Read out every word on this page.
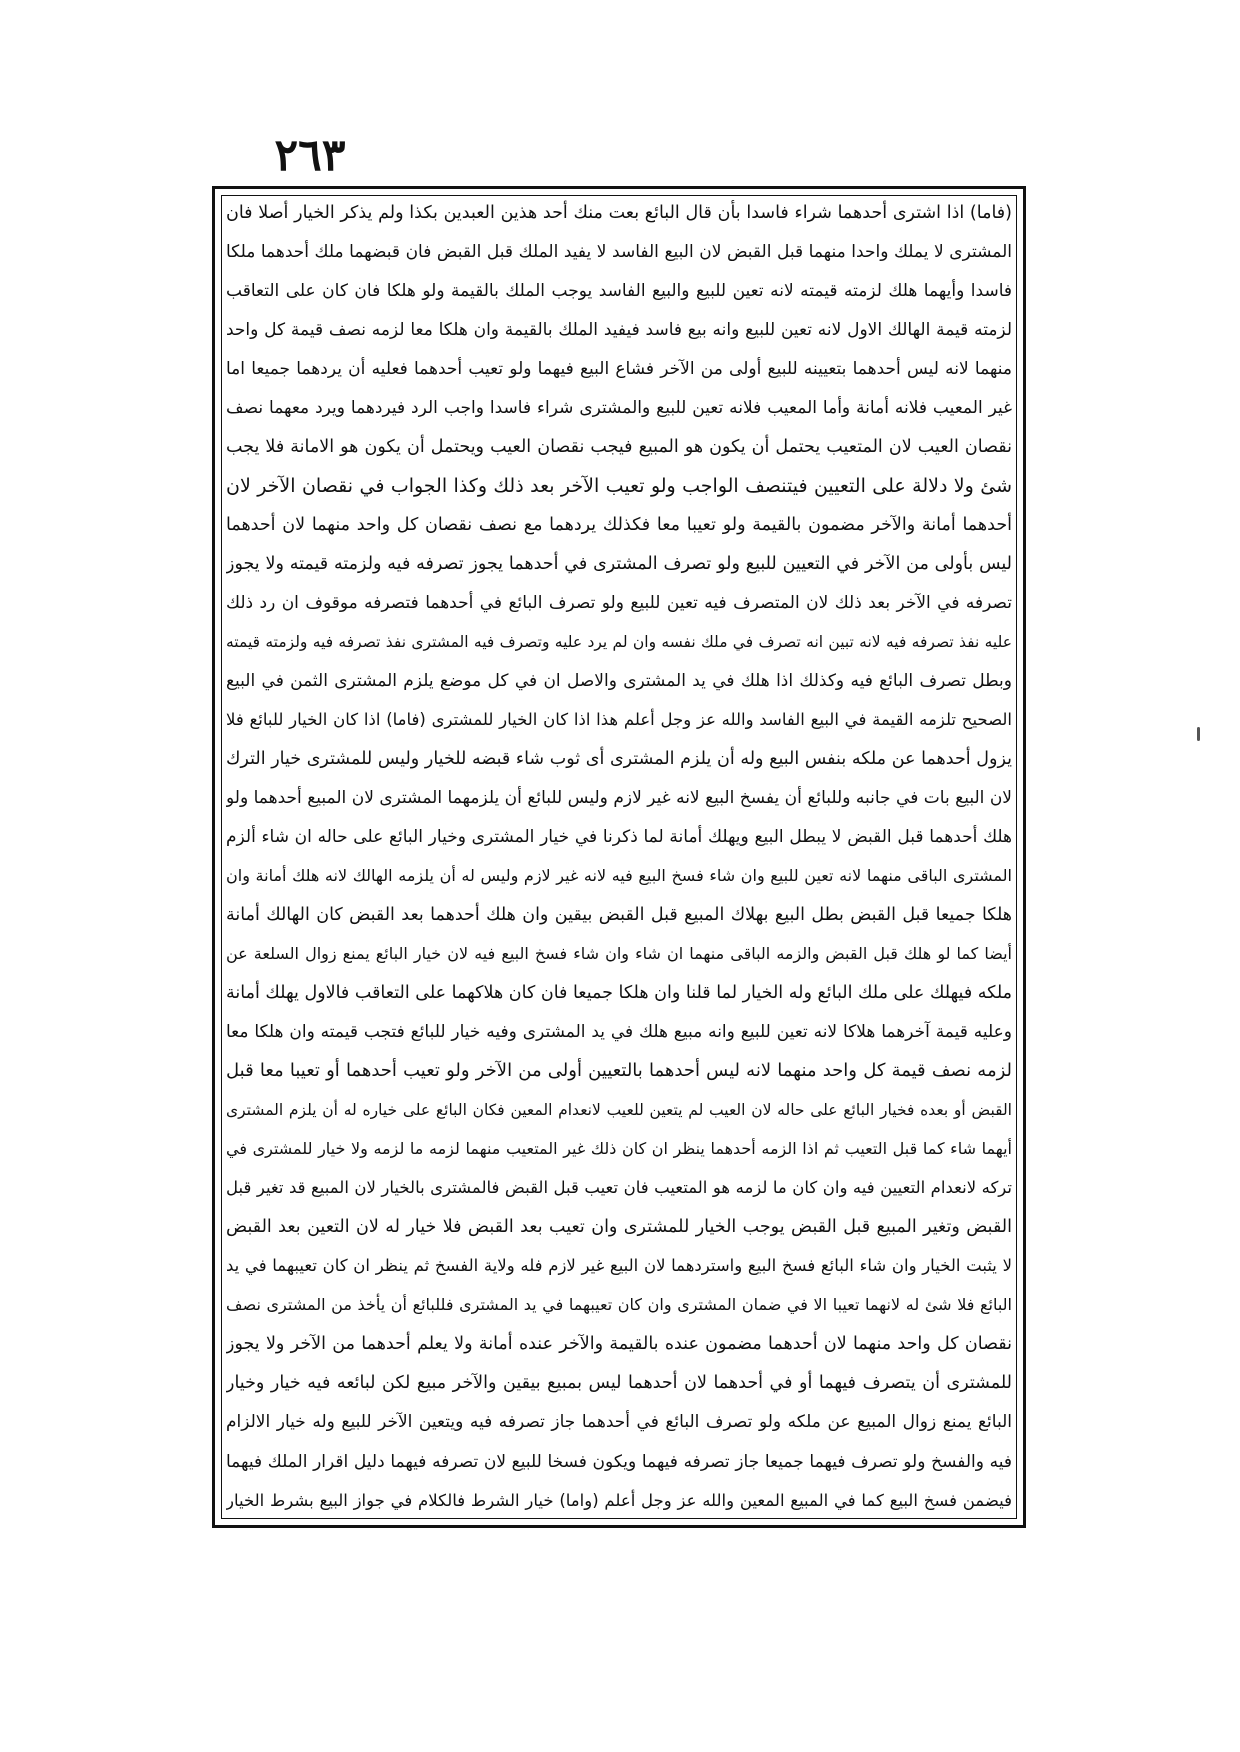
٢٦٣
(فاما) اذا اشترى أحدهما شراء فاسدا بأن قال البائع بعت منك أحد هذين العبدين بكذا ولم يذكر الخيار أصلا فان
المشترى لا يملك واحدا منهما قبل القبض لان البيع الفاسد لا يفيد الملك قبل القبض فان قبضهما ملك أحدهما ملكا
فاسدا وأيهما هلك لزمته قيمته لانه تعين للبيع والبيع الفاسد يوجب الملك بالقيمة ولو هلكا فان كان على التعاقب
لزمته قيمة الهالك الاول لانه تعين للبيع وانه بيع فاسد فيفيد الملك بالقيمة وان هلكا معا لزمه نصف قيمة كل واحد
منهما لانه ليس أحدهما بتعيينه للبيع أولى من الآخر فشاع البيع فيهما ولو تعيب أحدهما فعليه أن يردهما جميعا اما
غير المعيب فلانه أمانة وأما المعيب فلانه تعين للبيع والمشترى شراء فاسدا واجب الرد فيردهما ويرد معهما نصف
نقصان العيب لان المتعيب يحتمل أن يكون هو المبيع فيجب نقصان العيب ويحتمل أن يكون هو الامانة فلا يجب
شئ ولا دلالة على التعيين فيتنصف الواجب ولو تعيب الآخر بعد ذلك وكذا الجواب في نقصان الآخر لان
أحدهما أمانة والآخر مضمون بالقيمة ولو تعيبا معا فكذلك يردهما مع نصف نقصان كل واحد منهما لان أحدهما
ليس بأولى من الآخر في التعيين للبيع ولو تصرف المشترى في أحدهما يجوز تصرفه فيه ولزمته قيمته ولا يجوز
تصرفه في الآخر بعد ذلك لان المتصرف فيه تعين للبيع ولو تصرف البائع في أحدهما فتصرفه موقوف ان رد ذلك
عليه نفذ تصرفه فيه لانه تبين انه تصرف في ملك نفسه وان لم يرد عليه وتصرف فيه المشترى نفذ تصرفه فيه ولزمته قيمته
وبطل تصرف البائع فيه وكذلك اذا هلك في يد المشترى والاصل ان في كل موضع يلزم المشترى الثمن في البيع
الصحيح تلزمه القيمة في البيع الفاسد والله عز وجل أعلم هذا اذا كان الخيار للمشترى (فاما) اذا كان الخيار للبائع فلا
يزول أحدهما عن ملكه بنفس البيع وله أن يلزم المشترى أى ثوب شاء قبضه للخيار وليس للمشترى خيار الترك
لان البيع بات في جانبه وللبائع أن يفسخ البيع لانه غير لازم وليس للبائع أن يلزمهما المشترى لان المبيع أحدهما ولو
هلك أحدهما قبل القبض لا يبطل البيع ويهلك أمانة لما ذكرنا في خيار المشترى وخيار البائع على حاله ان شاء ألزم
المشترى الباقى منهما لانه تعين للبيع وان شاء فسخ البيع فيه لانه غير لازم وليس له أن يلزمه الهالك لانه هلك أمانة وان
هلكا جميعا قبل القبض بطل البيع بهلاك المبيع قبل القبض بيقين وان هلك أحدهما بعد القبض كان الهالك أمانة
أيضا كما لو هلك قبل القبض والزمه الباقى منهما ان شاء وان شاء فسخ البيع فيه لان خيار البائع يمنع زوال السلعة عن
ملكه فيهلك على ملك البائع وله الخيار لما قلنا وان هلكا جميعا فان كان هلاكهما على التعاقب فالاول يهلك أمانة
وعليه قيمة آخرهما هلاكا لانه تعين للبيع وانه مبيع هلك في يد المشترى وفيه خيار للبائع فتجب قيمته وان هلكا معا
لزمه نصف قيمة كل واحد منهما لانه ليس أحدهما بالتعيين أولى من الآخر ولو تعيب أحدهما أو تعيبا معا قبل
القبض أو بعده فخيار البائع على حاله لان العيب لم يتعين للعيب لانعدام المعين فكان البائع على خياره له أن يلزم المشترى
أيهما شاء كما قبل التعيب ثم اذا الزمه أحدهما ينظر ان كان ذلك غير المتعيب منهما لزمه ما لزمه ولا خيار للمشترى في
تركه لانعدام التعيين فيه وان كان ما لزمه هو المتعيب فان تعيب قبل القبض فالمشترى بالخيار لان المبيع قد تغير قبل
القبض وتغير المبيع قبل القبض يوجب الخيار للمشترى وان تعيب بعد القبض فلا خيار له لان التعين بعد القبض
لا يثبت الخيار وان شاء البائع فسخ البيع واستردهما لان البيع غير لازم فله ولاية الفسخ ثم ينظر ان كان تعيبهما في يد
البائع فلا شئ له لانهما تعيبا الا في ضمان المشترى وان كان تعيبهما في يد المشترى فللبائع أن يأخذ من المشترى نصف
نقصان كل واحد منهما لان أحدهما مضمون عنده بالقيمة والآخر عنده أمانة ولا يعلم أحدهما من الآخر ولا يجوز
للمشترى أن يتصرف فيهما أو في أحدهما لان أحدهما ليس بمبيع بيقين والآخر مبيع لكن لبائعه فيه خيار وخيار
البائع يمنع زوال المبيع عن ملكه ولو تصرف البائع في أحدهما جاز تصرفه فيه ويتعين الآخر للبيع وله خيار الالزام
فيه والفسخ ولو تصرف فيهما جميعا جاز تصرفه فيهما ويكون فسخا للبيع لان تصرفه فيهما دليل اقرار الملك فيهما
فيضمن فسخ البيع كما في المبيع المعين والله عز وجل أعلم (واما) خيار الشرط فالكلام في جواز البيع بشرط الخيار
